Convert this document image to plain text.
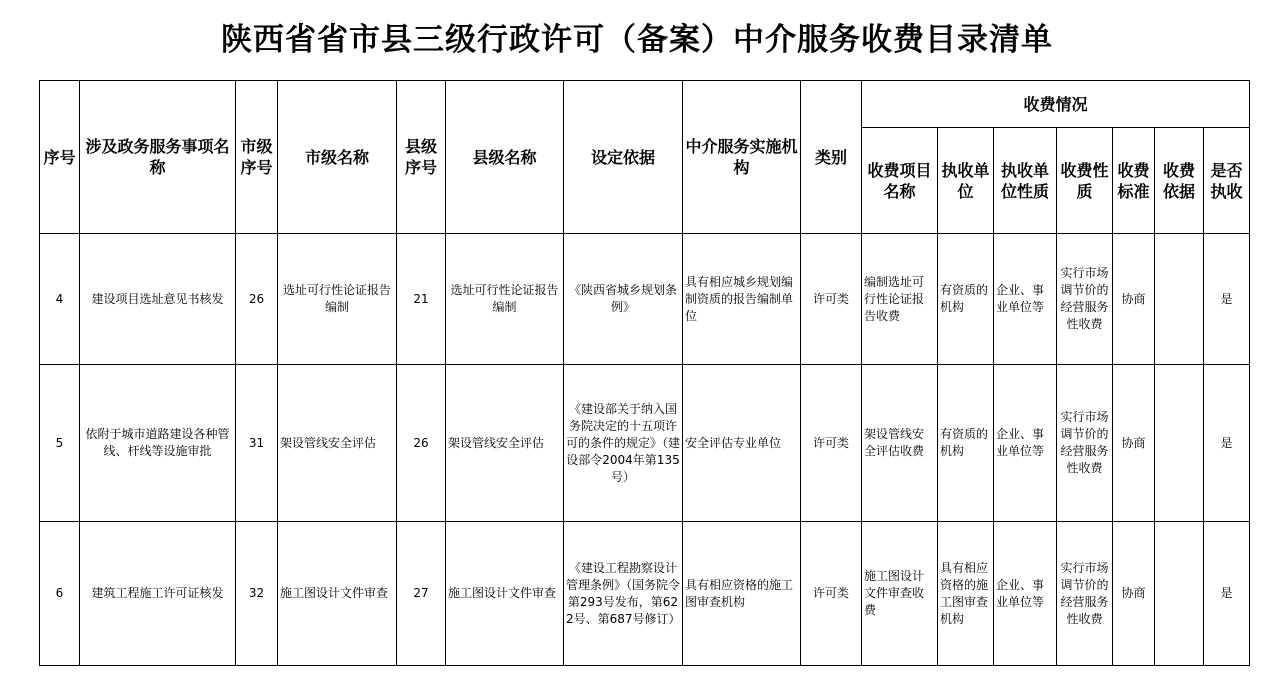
陕西省省市县三级行政许可（备案）中介服务收费目录清单
序号	涉及政务服务事项名称	市级序号	市级名称	县级序号	县级名称	设定依据	中介服务实施机构	类别	收费情况						
									收费项目名称	执收单位	执收单位性质	收费性质	收费标准	收费依据	是否执收
4	建设项目选址意见书核发	26	选址可行性论证报告编制	21	选址可行性论证报告编制	《陕西省城乡规划条例》	具有相应城乡规划编制资质的报告编制单位	许可类	编制选址可行性论证报告收费	有资质的机构	企业、事业单位等	实行市场调节价的经营服务性收费	协商		是
5	依附于城市道路建设各种管线、杆线等设施审批	31	架设管线安全评估	26	架设管线安全评估	《建设部关于纳入国务院决定的十五项许可的条件的规定》（建设部令2004年第135号）	安全评估专业单位	许可类	架设管线安全评估收费	有资质的机构	企业、事业单位等	实行市场调节价的经营服务性收费	协商		是
6	建筑工程施工许可证核发	32	施工图设计文件审查	27	施工图设计文件审查	《建设工程勘察设计管理条例》（国务院令第293号发布，第622号、第687号修订）	具有相应资格的施工图审查机构	许可类	施工图设计文件审查收费	具有相应资格的施工图审查机构	企业、事业单位等	实行市场调节价的经营服务性收费	协商		是
